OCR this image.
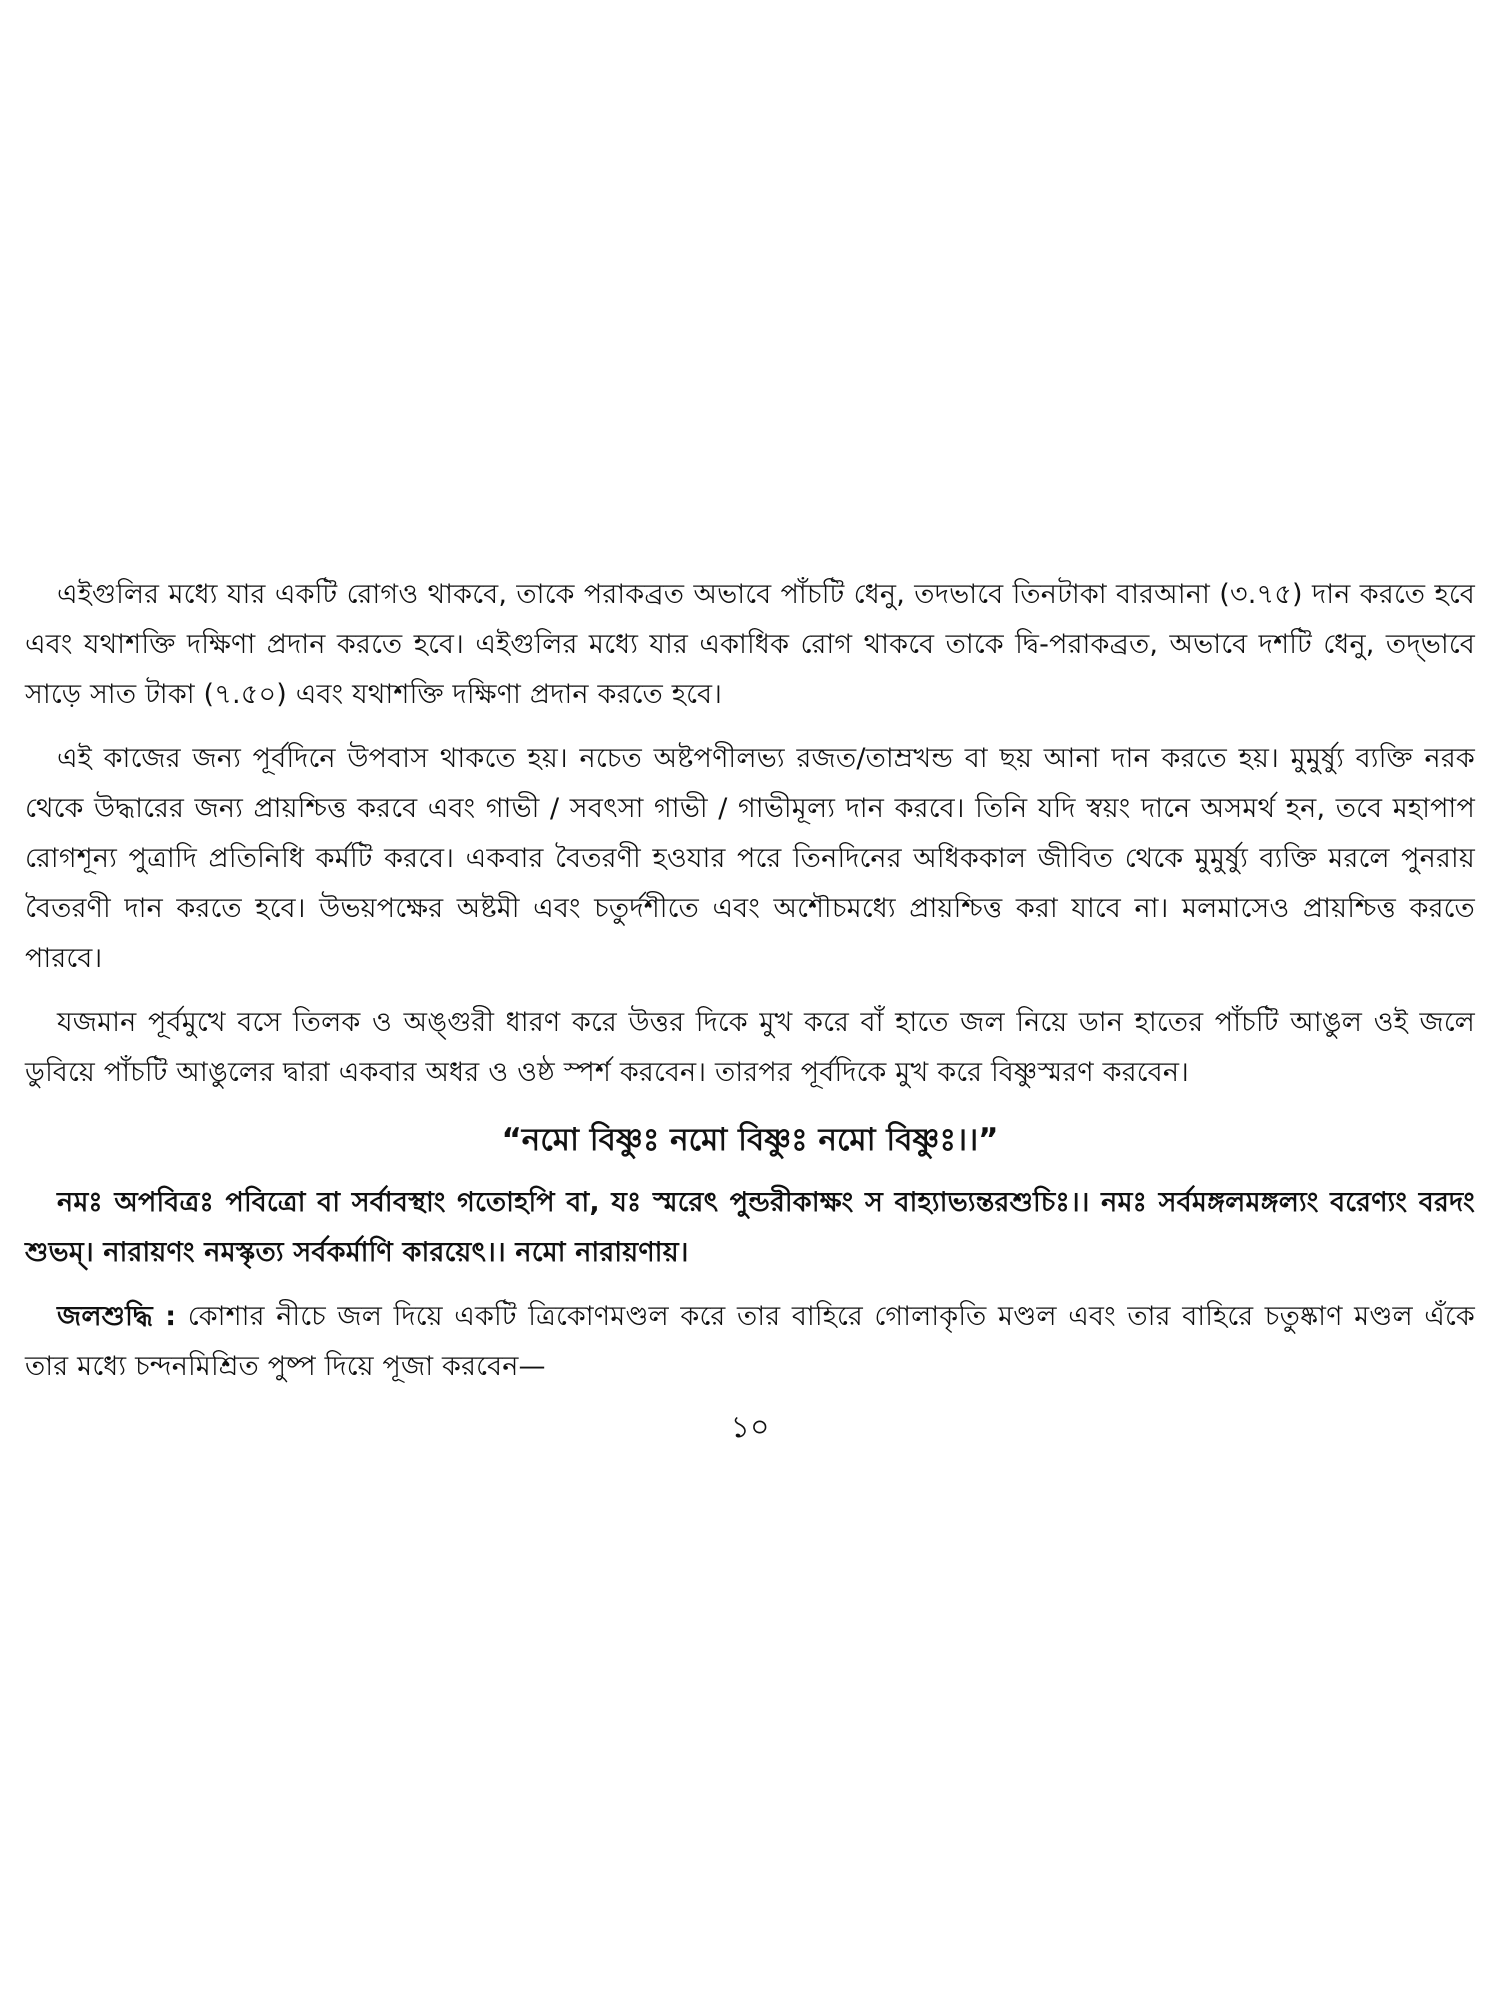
এইগুলির মধ্যে যার একটি রোগও থাকবে, তাকে পরাকব্রত অভাবে পাঁচটি ধেনু, তদভাবে তিনটাকা বারআনা (৩.৭৫) দান করতে হবে এবং যথাশক্তি দক্ষিণা প্রদান করতে হবে। এইগুলির মধ্যে যার একাধিক রোগ থাকবে তাকে দ্বি-পরাকব্রত, অভাবে দশটি ধেনু, তদ্‌ভাবে সাড়ে সাত টাকা (৭.৫০) এবং যথাশক্তি দক্ষিণা প্রদান করতে হবে।

এই কাজের জন্য পূর্বদিনে উপবাস থাকতে হয়। নচেত অষ্টপণীলভ্য রজত/তাম্রখন্ড বা ছয় আনা দান করতে হয়। মুমুর্ষ্যু ব্যক্তি নরক থেকে উদ্ধারের জন্য প্রায়শ্চিত্ত করবে এবং গাভী / সবৎসা গাভী / গাভীমূল্য দান করবে। তিনি যদি স্বয়ং দানে অসমর্থ হন, তবে মহাপাপ রোগশূন্য পুত্রাদি প্রতিনিধি কর্মটি করবে। একবার বৈতরণী হওযার পরে তিনদিনের অধিককাল জীবিত থেকে মুমুর্ষ্যু ব্যক্তি মরলে পুনরায় বৈতরণী দান করতে হবে। উভয়পক্ষের অষ্টমী এবং চতুর্দশীতে এবং অশৌচমধ্যে প্রায়শ্চিত্ত করা যাবে না। মলমাসেও প্রায়শ্চিত্ত করতে পারবে।

যজমান পূর্বমুখে বসে তিলক ও অঙ্গুরী ধারণ করে উত্তর দিকে মুখ করে বাঁ হাতে জল নিয়ে ডান হাতের পাঁচটি আঙুল ওই জলে ডুবিয়ে পাঁচটি আঙুলের দ্বারা একবার অধর ও ওষ্ঠ স্পর্শ করবেন। তারপর পূর্বদিকে মুখ করে বিষ্ণুস্মরণ করবেন।

“নমো বিষ্ণুঃ নমো বিষ্ণুঃ নমো বিষ্ণুঃ।।”

নমঃ অপবিত্রঃ পবিত্রো বা সর্বাবস্থাং গতোহপি বা, যঃ স্মরেৎ পুন্ডরীকাক্ষং স বাহ্যাভ্যন্তরশুচিঃ।। নমঃ সর্বমঙ্গলমঙ্গল্যং বরেণ্যং বরদং শুভম্। নারায়ণং নমস্কৃত্য সর্বকর্মাণি কারয়েৎ।। নমো নারায়ণায়।

জলশুদ্ধি : কোশার নীচে জল দিয়ে একটি ত্রিকোণমণ্ডল করে তার বাহিরে গোলাকৃতি মণ্ডল এবং তার বাহিরে চতুষ্কাণ মণ্ডল এঁকে তার মধ্যে চন্দনমিশ্রিত পুষ্প দিয়ে পূজা করবেন—

১০
